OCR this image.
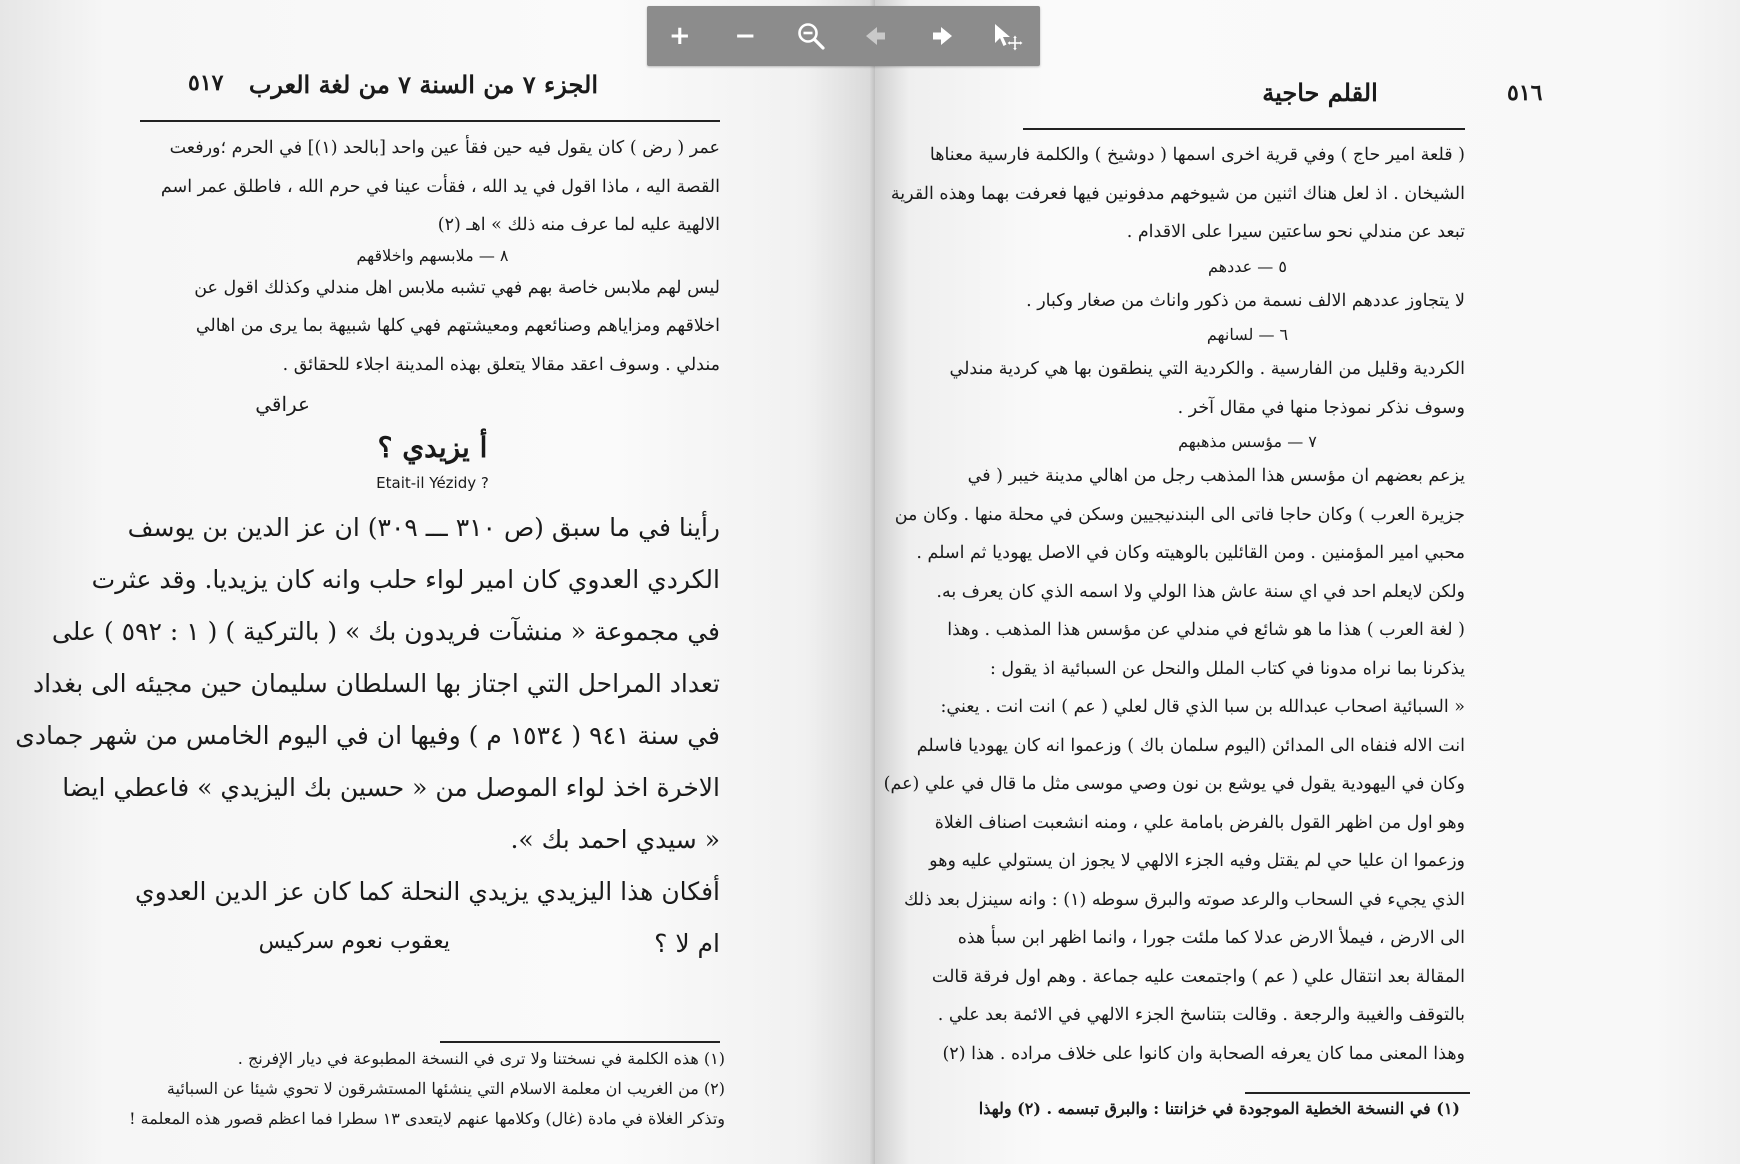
٥١٧ الجزء ٧ من السنة ٧ من لغة العرب

عمر ( رض ) كان يقول فيه حين فقأ عين واحد [بالحد (١)] في الحرم ؛ورفعت

القصة اليه ، ماذا اقول في يد الله ، فقأت عينا في حرم الله ، فاطلق عمر اسم

الالهية عليه لما عرف منه ذلك » اهـ (٢)

٨ — ملابسهم واخلاقهم

ليس لهم ملابس خاصة بهم فهي تشبه ملابس اهل مندلي وكذلك اقول عن

اخلاقهم ومزاياهم وصنائعهم ومعيشتهم فهي كلها شبيهة بما يرى من اهالي

مندلي . وسوف اعقد مقالا يتعلق بهذه المدينة اجلاء للحقائق .

عراقي
أ يزيدي ؟
Etait-il Yézidy ?

رأينا في ما سبق (ص ٣١٠ ـــ ٣٠٩) ان عز الدين بن يوسف

الكردي العدوي كان امير لواء حلب وانه كان يزيديا. وقد عثرت

في مجموعة « منشآت فريدون بك » ( بالتركية ) ( ١ : ٥٩٢ ) على

تعداد المراحل التي اجتاز بها السلطان سليمان حين مجيئه الى بغداد

في سنة ٩٤١ ( ١٥٣٤ م ) وفيها ان في اليوم الخامس من شهر جمادى

الاخرة اخذ لواء الموصل من « حسين بك اليزيدي » فاعطي ايضا

« سيدي احمد بك ».

أفكان هذا اليزيدي يزيدي النحلة كما كان عز الدين العدوي

ام لا ؟
يعقوب نعوم سركيس

(١) هذه الكلمة في نسختنا ولا ترى في النسخة المطبوعة في ديار الإفرنج .

(٢) من الغريب ان معلمة الاسلام التي ينشئها المستشرقون لا تحوي شيئا عن السبائية

وتذكر الغلاة في مادة (غال) وكلامها عنهم لايتعدى ١٣ سطرا فما اعظم قصور هذه المعلمة !

٥١٦
القلم حاجية

( قلعة امير حاج ) وفي قرية اخرى اسمها ( دوشيخ ) والكلمة فارسية معناها

الشيخان . اذ لعل هناك اثنين من شيوخهم مدفونين فيها فعرفت بهما وهذه القرية

تبعد عن مندلي نحو ساعتين سيرا على الاقدام .

٥ — عددهم

لا يتجاوز عددهم الالف نسمة من ذكور واناث من صغار وكبار .

٦ — لسانهم

الكردية وقليل من الفارسية . والكردية التي ينطقون بها هي كردية مندلي

وسوف نذكر نموذجا منها في مقال آخر .

٧ — مؤسس مذهبهم

يزعم بعضهم ان مؤسس هذا المذهب رجل من اهالي مدينة خيبر ( في

جزيرة العرب ) وكان حاجا فاتى الى البندنيجيين وسكن في محلة منها . وكان من

محبي امير المؤمنين . ومن القائلين بالوهيته وكان في الاصل يهوديا ثم اسلم .

ولكن لايعلم احد في اي سنة عاش هذا الولي ولا اسمه الذي كان يعرف به.

( لغة العرب ) هذا ما هو شائع في مندلي عن مؤسس هذا المذهب . وهذا

يذكرنا بما نراه مدونا في كتاب الملل والنحل عن السبائية اذ يقول :

« السبائية اصحاب عبدالله بن سبا الذي قال لعلي ( عم ) انت انت . يعني:

انت الاله فنفاه الى المدائن (اليوم سلمان باك ) وزعموا انه كان يهوديا فاسلم

وكان في اليهودية يقول في يوشع بن نون وصي موسى مثل ما قال في علي (عم)

وهو اول من اظهر القول بالفرض بامامة علي ، ومنه انشعبت اصناف الغلاة

وزعموا ان عليا حي لم يقتل وفيه الجزء الالهي لا يجوز ان يستولي عليه وهو

الذي يجيء في السحاب والرعد صوته والبرق سوطه (١) : وانه سينزل بعد ذلك

الى الارض ، فيملأ الارض عدلا كما ملئت جورا ، وانما اظهر ابن سبأ هذه

المقالة بعد انتقال علي ( عم ) واجتمعت عليه جماعة . وهم اول فرقة قالت

بالتوقف والغيبة والرجعة . وقالت بتناسخ الجزء الالهي في الائمة بعد علي .

وهذا المعنى مما كان يعرفه الصحابة وان كانوا على خلاف مراده . هذا (٢)

(١) في النسخة الخطية الموجودة في خزانتنا : والبرق تبسمه . (٢) ولهذا

+ −
